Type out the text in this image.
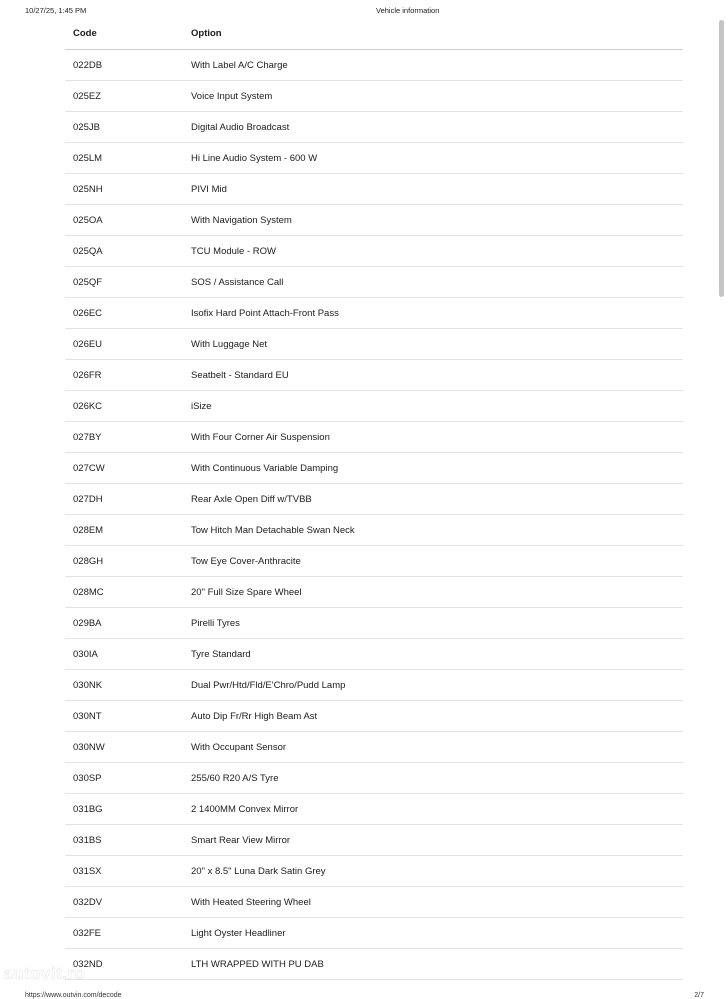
10/27/25, 1:45 PM	Vehicle information
Code	Option
022DB	With Label A/C Charge
025EZ	Voice Input System
025JB	Digital Audio Broadcast
025LM	Hi Line Audio System - 600 W
025NH	PIVI Mid
025OA	With Navigation System
025QA	TCU Module - ROW
025QF	SOS / Assistance Call
026EC	Isofix Hard Point Attach-Front Pass
026EU	With Luggage Net
026FR	Seatbelt - Standard EU
026KC	iSize
027BY	With Four Corner Air Suspension
027CW	With Continuous Variable Damping
027DH	Rear Axle Open Diff w/TVBB
028EM	Tow Hitch Man Detachable Swan Neck
028GH	Tow Eye Cover-Anthracite
028MC	20" Full Size Spare Wheel
029BA	Pirelli Tyres
030IA	Tyre Standard
030NK	Dual Pwr/Htd/Fld/E'Chro/Pudd Lamp
030NT	Auto Dip Fr/Rr High Beam Ast
030NW	With Occupant Sensor
030SP	255/60 R20 A/S Tyre
031BG	2 1400MM Convex Mirror
031BS	Smart Rear View Mirror
031SX	20" x 8.5" Luna Dark Satin Grey
032DV	With Heated Steering Wheel
032FE	Light Oyster Headliner
032ND	LTH WRAPPED WITH PU DAB
autovit.ro
https://www.outvin.com/decode	2/7
